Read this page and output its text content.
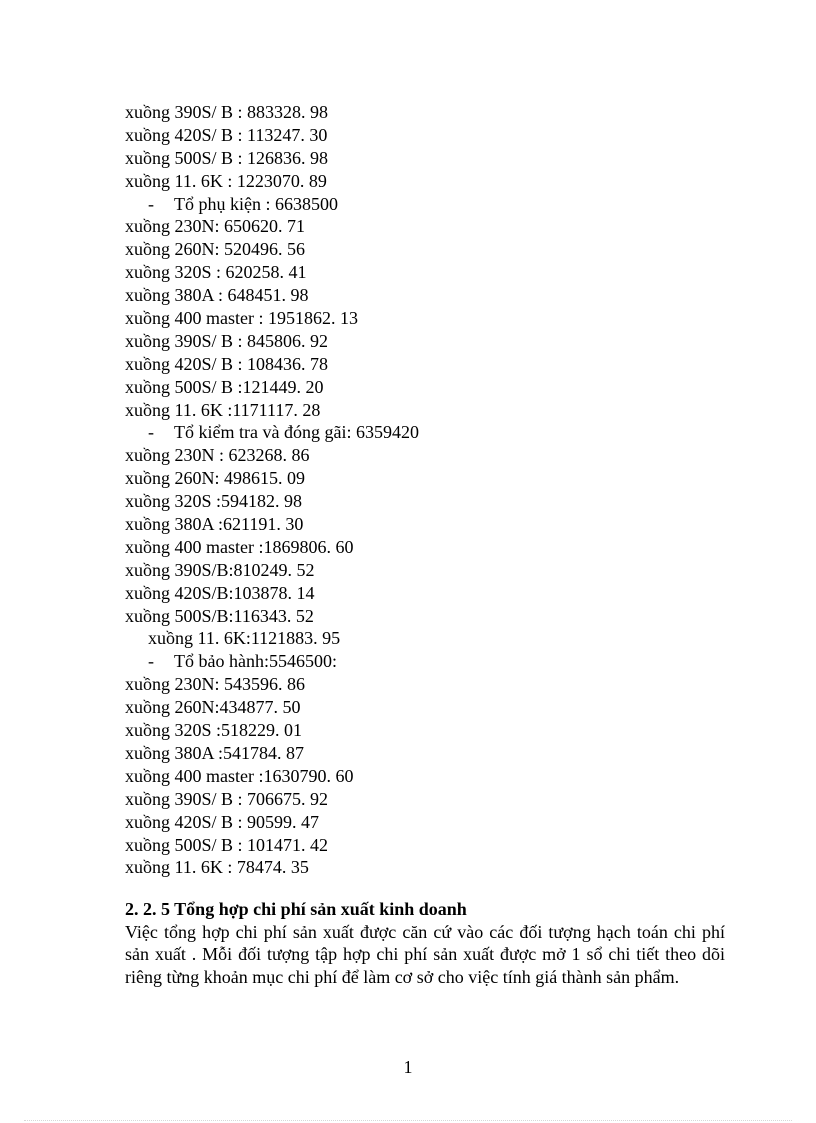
xuồng 390S/ B : 883328. 98
xuồng 420S/ B : 113247. 30
xuồng 500S/ B : 126836. 98
xuồng 11. 6K : 1223070. 89
- Tổ phụ kiện : 6638500
xuồng 230N: 650620. 71
xuồng 260N: 520496. 56
xuồng 320S : 620258. 41
xuồng 380A : 648451. 98
xuồng 400 master : 1951862. 13
xuồng 390S/ B : 845806. 92
xuồng 420S/ B : 108436. 78
xuồng 500S/ B :121449. 20
xuồng 11. 6K :1171117. 28
- Tổ kiểm tra và đóng gãi: 6359420
xuồng 230N : 623268. 86
xuồng 260N: 498615. 09
xuồng 320S :594182. 98
xuồng 380A :621191. 30
xuồng 400 master :1869806. 60
xuồng 390S/B:810249. 52
xuồng 420S/B:103878. 14
xuồng 500S/B:116343. 52
xuồng 11. 6K:1121883. 95
- Tổ bảo hành:5546500:
xuồng 230N: 543596. 86
xuồng 260N:434877. 50
xuồng 320S :518229. 01
xuồng 380A :541784. 87
xuồng 400 master :1630790. 60
xuồng 390S/ B : 706675. 92
xuồng 420S/ B : 90599. 47
xuồng 500S/ B : 101471. 42
xuồng 11. 6K : 78474. 35
2. 2. 5 Tổng hợp chi phí sản xuất kinh doanh
Việc tổng hợp chi phí sản xuất được căn cứ vào các đối tượng hạch toán chi phí
sản xuất . Mỗi đối tượng tập hợp chi phí sản xuất được mở 1 sổ chi tiết theo dõi
riêng từng khoản mục chi phí để làm cơ sở cho việc tính giá thành sản phẩm.
1
